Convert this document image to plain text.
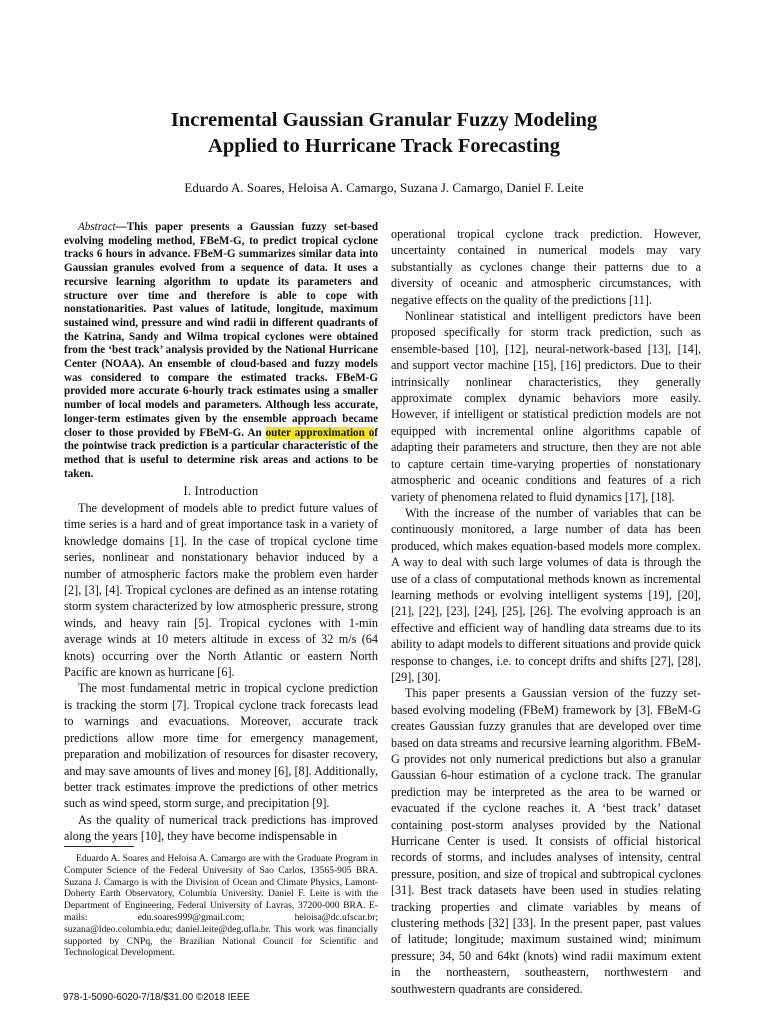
Incremental Gaussian Granular Fuzzy Modeling
Applied to Hurricane Track Forecasting
Eduardo A. Soares, Heloisa A. Camargo, Suzana J. Camargo, Daniel F. Leite

Abstract—This paper presents a Gaussian fuzzy set-based evolving modeling method, FBeM-G, to predict tropical cyclone tracks 6 hours in advance. FBeM-G summarizes similar data into Gaussian granules evolved from a sequence of data. It uses a recursive learning algorithm to update its parameters and structure over time and therefore is able to cope with nonstationarities. Past values of latitude, longitude, maximum sustained wind, pressure and wind radii in different quadrants of the Katrina, Sandy and Wilma tropical cyclones were obtained from the ‘best track’ analysis provided by the National Hurricane Center (NOAA). An ensemble of cloud-based and fuzzy models was considered to compare the estimated tracks. FBeM-G provided more accurate 6-hourly track estimates using a smaller number of local models and parameters. Although less accurate, longer-term estimates given by the ensemble approach became closer to those provided by FBeM-G. An outer approximation of the pointwise track prediction is a particular characteristic of the method that is useful to determine risk areas and actions to be taken.

I. Introduction

The development of models able to predict future values of time series is a hard and of great importance task in a variety of knowledge domains [1]. In the case of tropical cyclone time series, nonlinear and nonstationary behavior induced by a number of atmospheric factors make the problem even harder [2], [3], [4]. Tropical cyclones are defined as an intense rotating storm system characterized by low atmospheric pressure, strong winds, and heavy rain [5]. Tropical cyclones with 1-min average winds at 10 meters altitude in excess of 32 m/s (64 knots) occurring over the North Atlantic or eastern North Pacific are known as hurricane [6].

The most fundamental metric in tropical cyclone prediction is tracking the storm [7]. Tropical cyclone track forecasts lead to warnings and evacuations. Moreover, accurate track predictions allow more time for emergency management, preparation and mobilization of resources for disaster recovery, and may save amounts of lives and money [6], [8]. Additionally, better track estimates improve the predictions of other metrics such as wind speed, storm surge, and precipitation [9].

As the quality of numerical track predictions has improved along the years [10], they have become indispensable in

Eduardo A. Soares and Heloisa A. Camargo are with the Graduate Program in Computer Science of the Federal University of Sao Carlos, 13565-905 BRA. Suzana J. Camargo is with the Division of Ocean and Climate Physics, Lamont-Doherty Earth Observatory, Columbia University. Daniel F. Leite is with the Department of Engineering, Federal University of Lavras, 37200-000 BRA. E-mails: edu.soares999@gmail.com; heloisa@dc.ufscar.br; suzana@ldeo.columbia.edu; daniel.leite@deg.ufla.br. This work was financially supported by CNPq, the Brazilian National Council for Scientific and Technological Development.

operational tropical cyclone track prediction. However, uncertainty contained in numerical models may vary substantially as cyclones change their patterns due to a diversity of oceanic and atmospheric circumstances, with negative effects on the quality of the predictions [11].

Nonlinear statistical and intelligent predictors have been proposed specifically for storm track prediction, such as ensemble-based [10], [12], neural-network-based [13], [14], and support vector machine [15], [16] predictors. Due to their intrinsically nonlinear characteristics, they generally approximate complex dynamic behaviors more easily. However, if intelligent or statistical prediction models are not equipped with incremental online algorithms capable of adapting their parameters and structure, then they are not able to capture certain time-varying properties of nonstationary atmospheric and oceanic conditions and features of a rich variety of phenomena related to fluid dynamics [17], [18].

With the increase of the number of variables that can be continuously monitored, a large number of data has been produced, which makes equation-based models more complex. A way to deal with such large volumes of data is through the use of a class of computational methods known as incremental learning methods or evolving intelligent systems [19], [20], [21], [22], [23], [24], [25], [26]. The evolving approach is an effective and efficient way of handling data streams due to its ability to adapt models to different situations and provide quick response to changes, i.e. to concept drifts and shifts [27], [28], [29], [30].

This paper presents a Gaussian version of the fuzzy set-based evolving modeling (FBeM) framework by [3]. FBeM-G creates Gaussian fuzzy granules that are developed over time based on data streams and recursive learning algorithm. FBeM-G provides not only numerical predictions but also a granular Gaussian 6-hour estimation of a cyclone track. The granular prediction may be interpreted as the area to be warned or evacuated if the cyclone reaches it. A ‘best track’ dataset containing post-storm analyses provided by the National Hurricane Center is used. It consists of official historical records of storms, and includes analyses of intensity, central pressure, position, and size of tropical and subtropical cyclones [31]. Best track datasets have been used in studies relating tracking properties and climate variables by means of clustering methods [32] [33]. In the present paper, past values of latitude; longitude; maximum sustained wind; minimum pressure; 34, 50 and 64kt (knots) wind radii maximum extent in the northeastern, southeastern, northwestern and southwestern quadrants are considered.

978-1-5090-6020-7/18/$31.00 ©2018 IEEE
